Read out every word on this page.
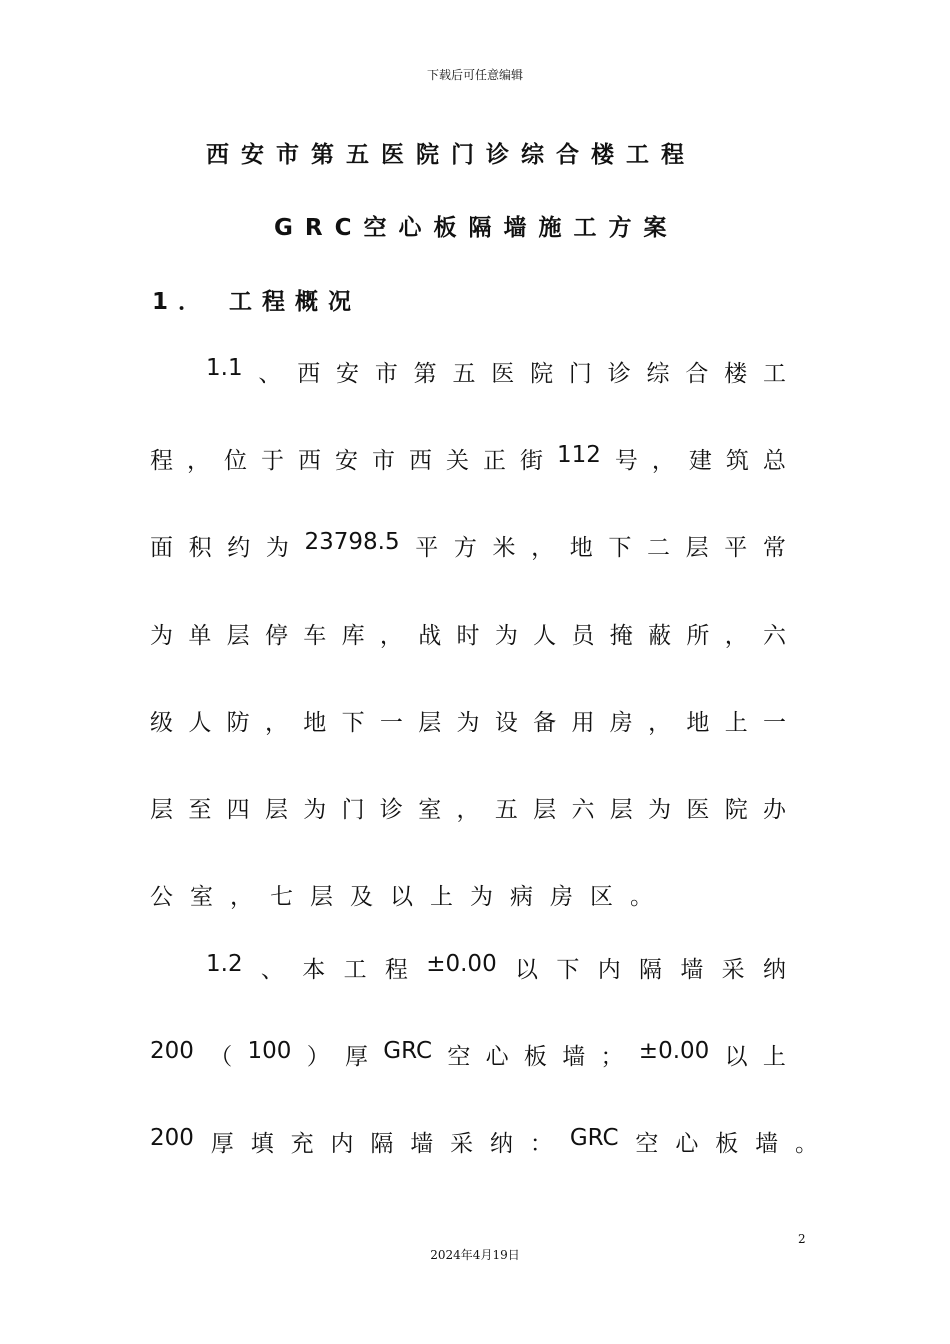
下载后可任意编辑
西安市第五医院门诊综合楼工程
GRC空心板隔墙施工方案
1． 工程概况
1.1 、 西 安 市 第 五 医 院 门 诊 综 合 楼 工
程 ， 位 于 西 安 市 西 关 正 街 112 号 ， 建 筑 总
面 积 约 为 23798.5 平 方 米 ， 地 下 二 层 平 常
为 单 层 停 车 库 ， 战 时 为 人 员 掩 蔽 所 ， 六
级 人 防 ， 地 下 一 层 为 设 备 用 房 ， 地 上 一
层 至 四 层 为 门 诊 室 ， 五 层 六 层 为 医 院 办
公 室 ， 七 层 及 以 上 为 病 房 区 。
1.2 、 本 工 程 ±0.00 以 下 内 隔 墙 采 纳
200 （ 100 ） 厚 GRC 空 心 板 墙 ； ±0.00 以 上
200 厚 填 充 内 隔 墙 采 纳 ： GRC 空 心 板 墙 。
2
2024年4月19日
